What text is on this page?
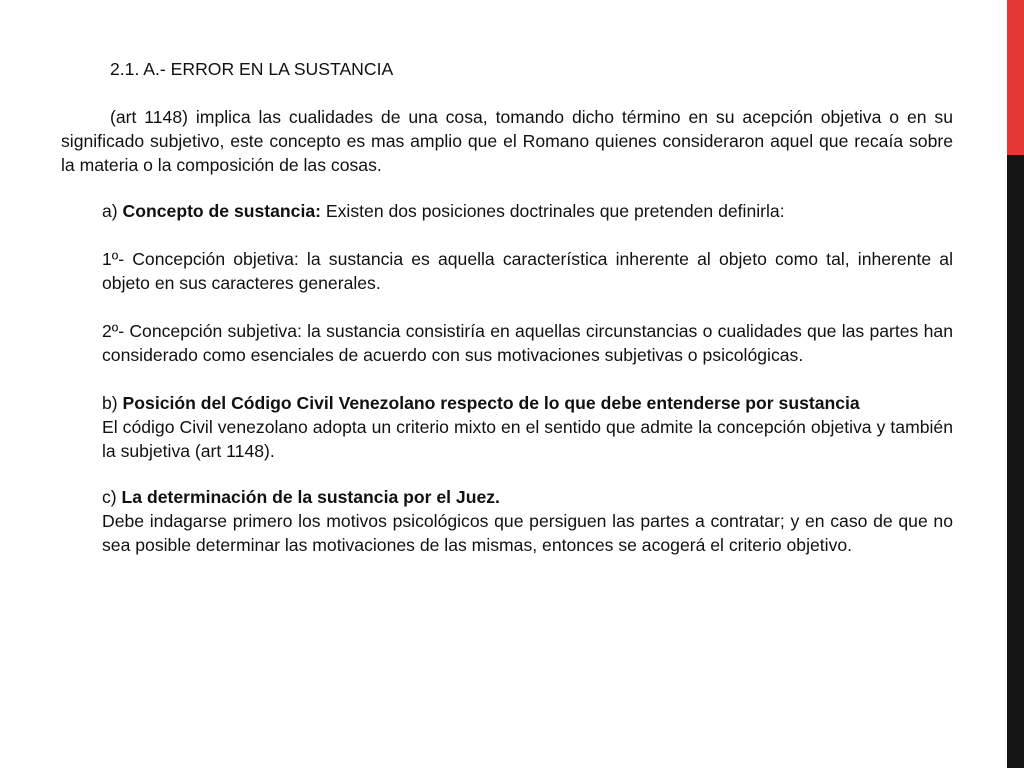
2.1. A.- ERROR EN LA SUSTANCIA

(art 1148) implica las cualidades de una cosa, tomando dicho término en su acepción objetiva o en su significado subjetivo, este concepto es mas amplio que el Romano quienes consideraron aquel que recaía sobre la materia o la composición de las cosas.

a) Concepto de sustancia: Existen dos posiciones doctrinales que pretenden definirla:

1º- Concepción objetiva: la sustancia es aquella característica inherente al objeto como tal, inherente al objeto en sus caracteres generales.

2º- Concepción subjetiva: la sustancia consistiría en aquellas circunstancias o cualidades que las partes han considerado como esenciales de acuerdo con sus motivaciones subjetivas o psicológicas.

b) Posición del Código Civil Venezolano respecto de lo que debe entenderse por sustancia

El código Civil venezolano adopta un criterio mixto en el sentido que admite la concepción objetiva y también la subjetiva (art 1148).

c) La determinación de la sustancia por el Juez.

Debe indagarse primero los motivos psicológicos que persiguen las partes a contratar; y en caso de que no sea posible determinar las motivaciones de las mismas, entonces se acogerá el criterio objetivo.
